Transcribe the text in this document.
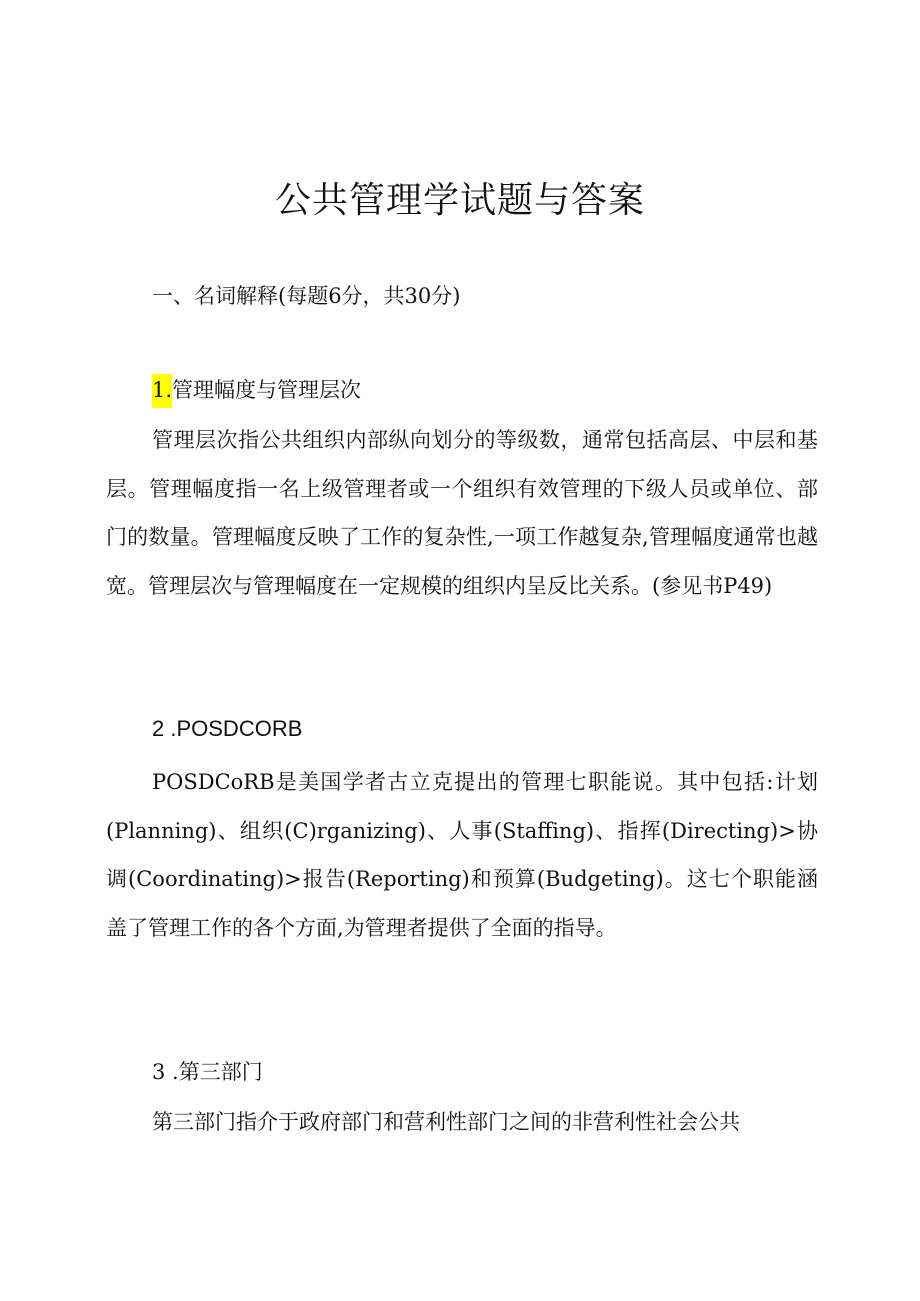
公共管理学试题与答案
一、名词解释(每题6分，共30分)
1.管理幅度与管理层次

管理层次指公共组织内部纵向划分的等级数，通常包括高层、中层和基层。管理幅度指一名上级管理者或一个组织有效管理的下级人员或单位、部门的数量。管理幅度反映了工作的复杂性,一项工作越复杂,管理幅度通常也越宽。管理层次与管理幅度在一定规模的组织内呈反比关系。(参见书P49)

2 .POSDCORB

POSDCoRB是美国学者古立克提出的管理七职能说。其中包括:计划(Planning)、组织(C)rganizing)、人事(Staffing)、指挥(Directing)>协调(Coordinating)>报告(Reporting)和预算(Budgeting)。这七个职能涵盖了管理工作的各个方面,为管理者提供了全面的指导。

3 .第三部门

第三部门指介于政府部门和营利性部门之间的非营利性社会公共
